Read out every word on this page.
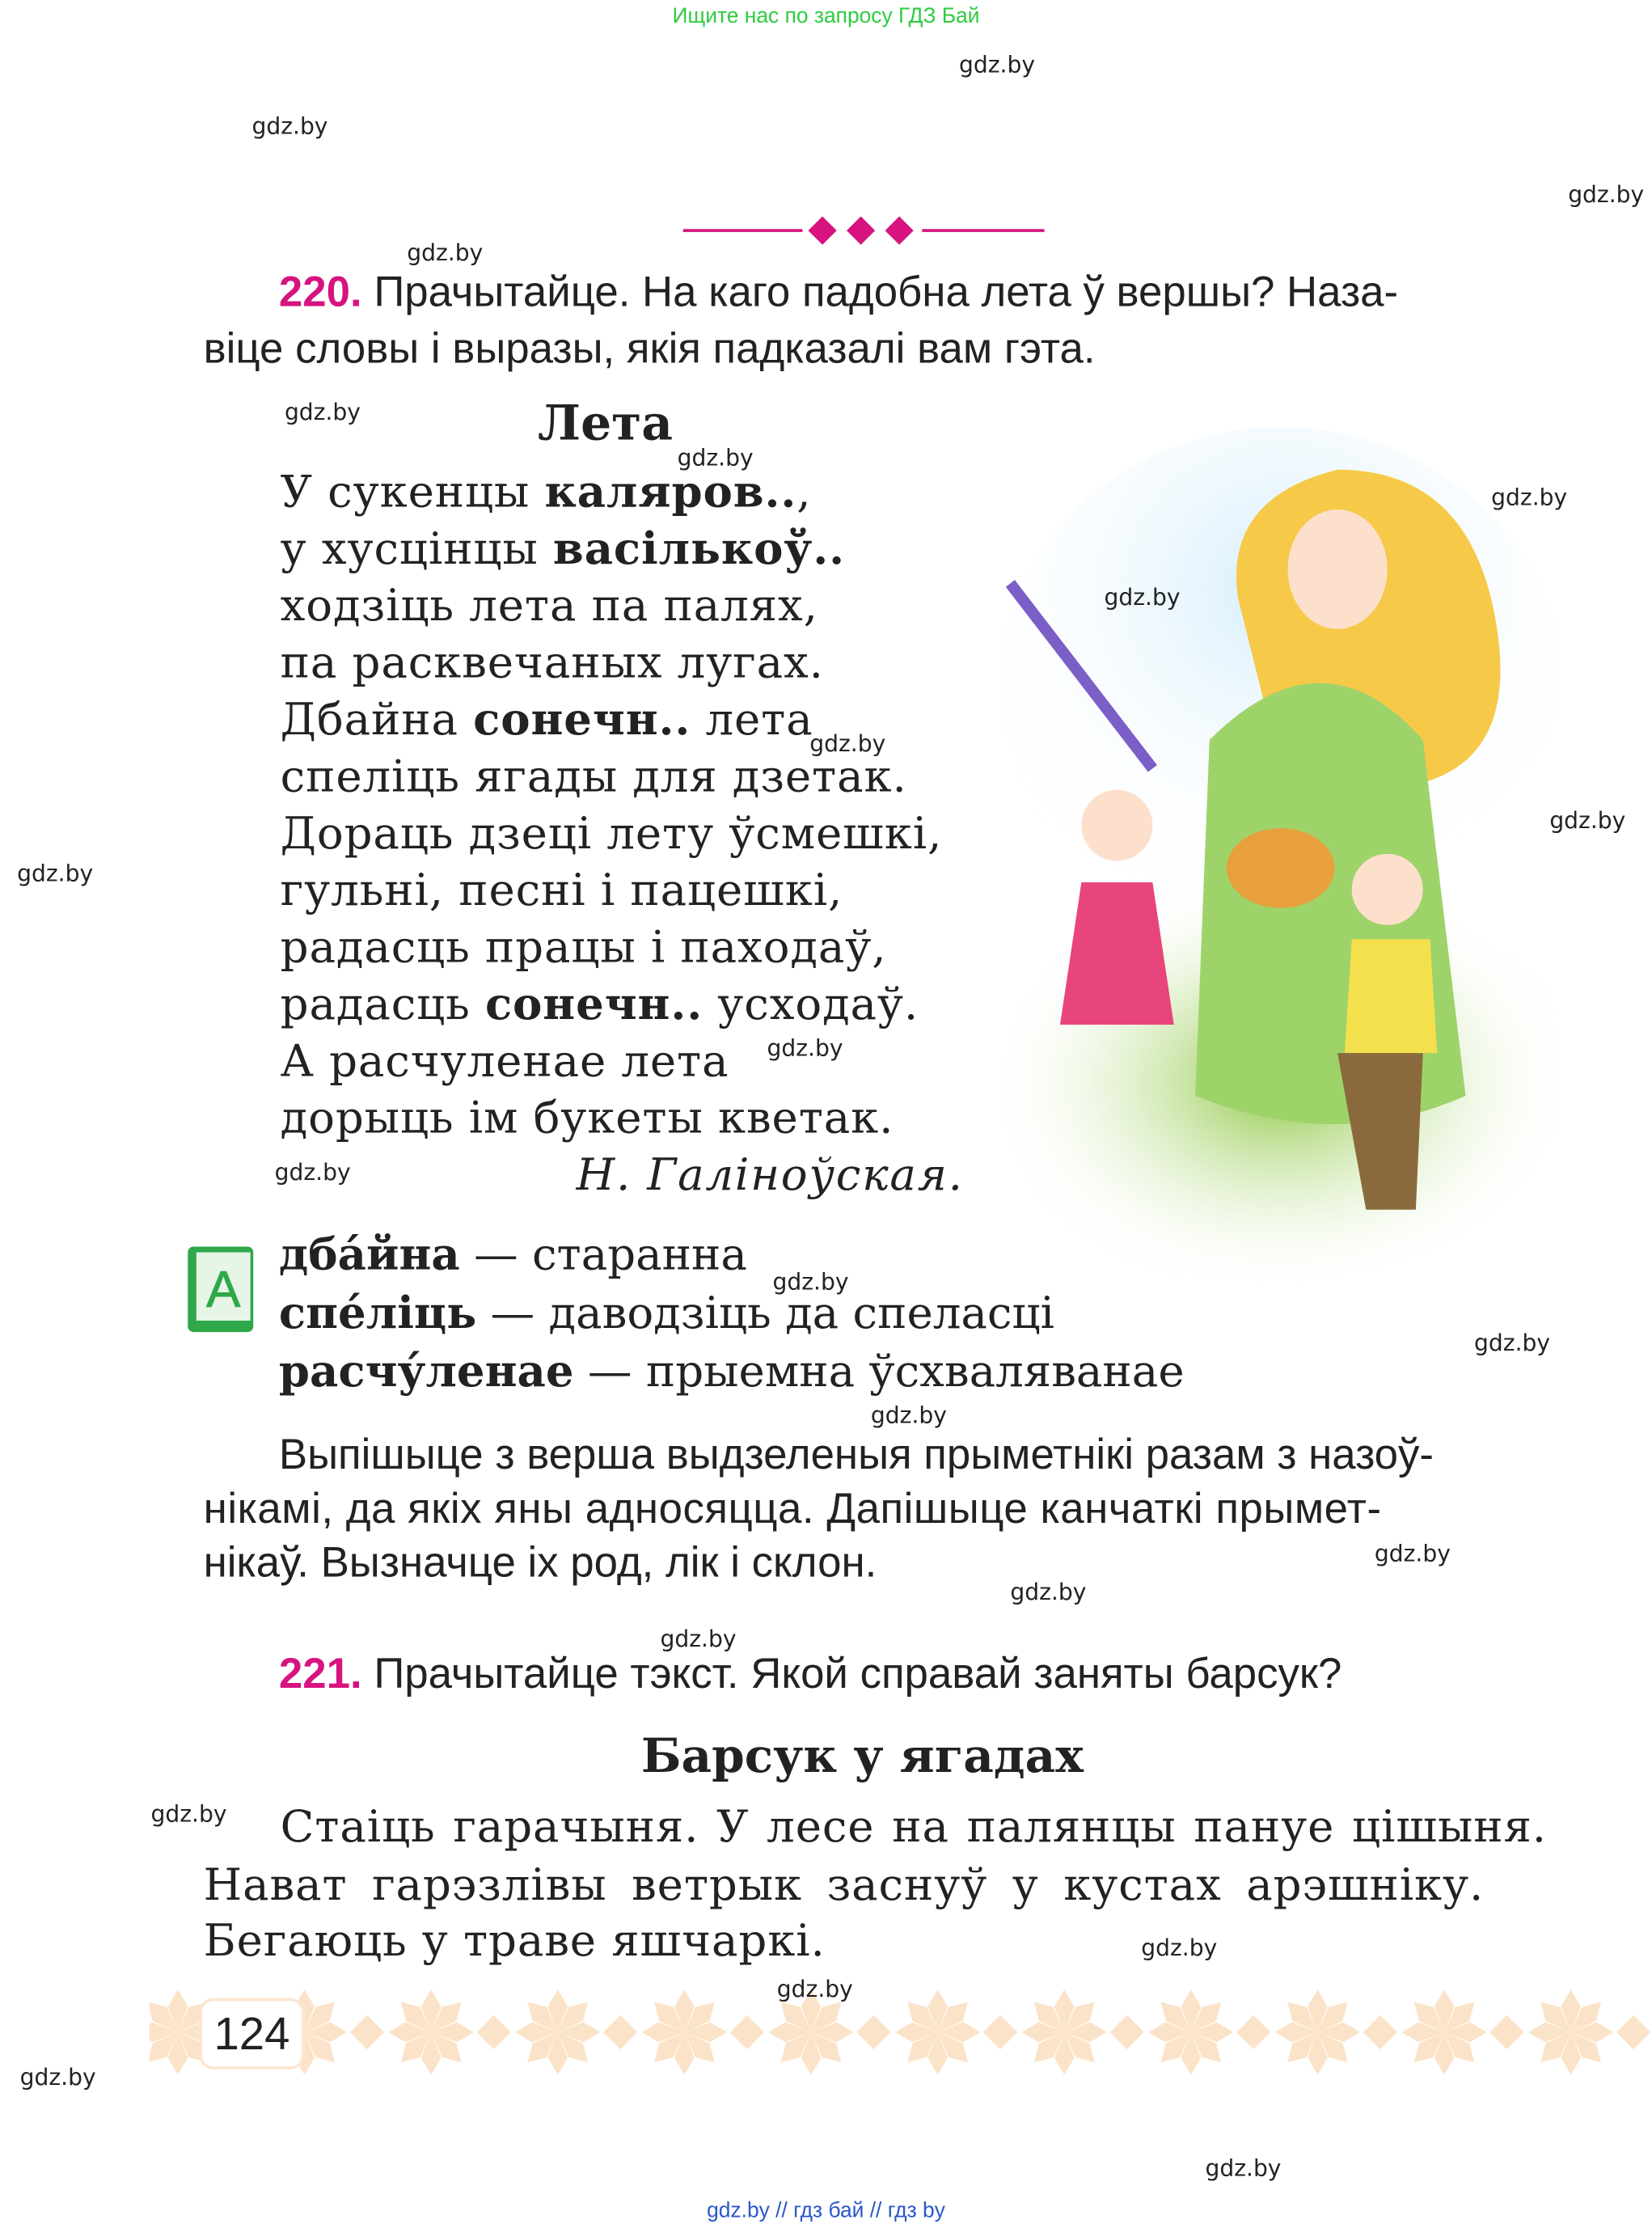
Ищите нас по запросу ГДЗ Бай
gdz.by
gdz.by
gdz.by
gdz.by
gdz.by
gdz.by
gdz.by
gdz.by
gdz.by
gdz.by
gdz.by
gdz.by
gdz.by
gdz.by
gdz.by
gdz.by
gdz.by
gdz.by
gdz.by
gdz.by
gdz.by
gdz.by
gdz.by
gdz.by
220. Прачытайце. На каго падобна лета ў вершы? Наза-
віце словы і выразы, якія падказалі вам гэта.
Лета
У сукенцы каляров..,
у хусцінцы васількоў..
ходзіць лета па палях,
па расквечаных лугах.
Дбайна сонечн.. лета
спеліць ягады для дзетак.
Дораць дзеці лету ўсмешкі,
гульні, песні і пацешкі,
радасць працы і паходаў,
радасць сонечн.. усходаў.
А расчуленае лета
дорыць ім букеты кветак.
Н. Галіноўская.
А
дба́йна — старанна
спе́ліць — даводзіць да спеласці
расчу́ленае — прыемна ўсхваляванае
Выпішыце з верша выдзеленыя прыметнікі разам з назоў-
нікамі, да якіх яны адносяцца. Дапішыце канчаткі прымет-
нікаў. Вызначце іх род, лік і склон.
221. Прачытайце тэкст. Якой справай заняты барсук?
Барсук у ягадах
Стаіць гарачыня. У лесе на палянцы пануе цішыня.
Нават гарэзлівы ветрык заснуў у кустах арэшніку.
Бегаюць у траве яшчаркі.
124
gdz.by // гдз бай // гдз by
